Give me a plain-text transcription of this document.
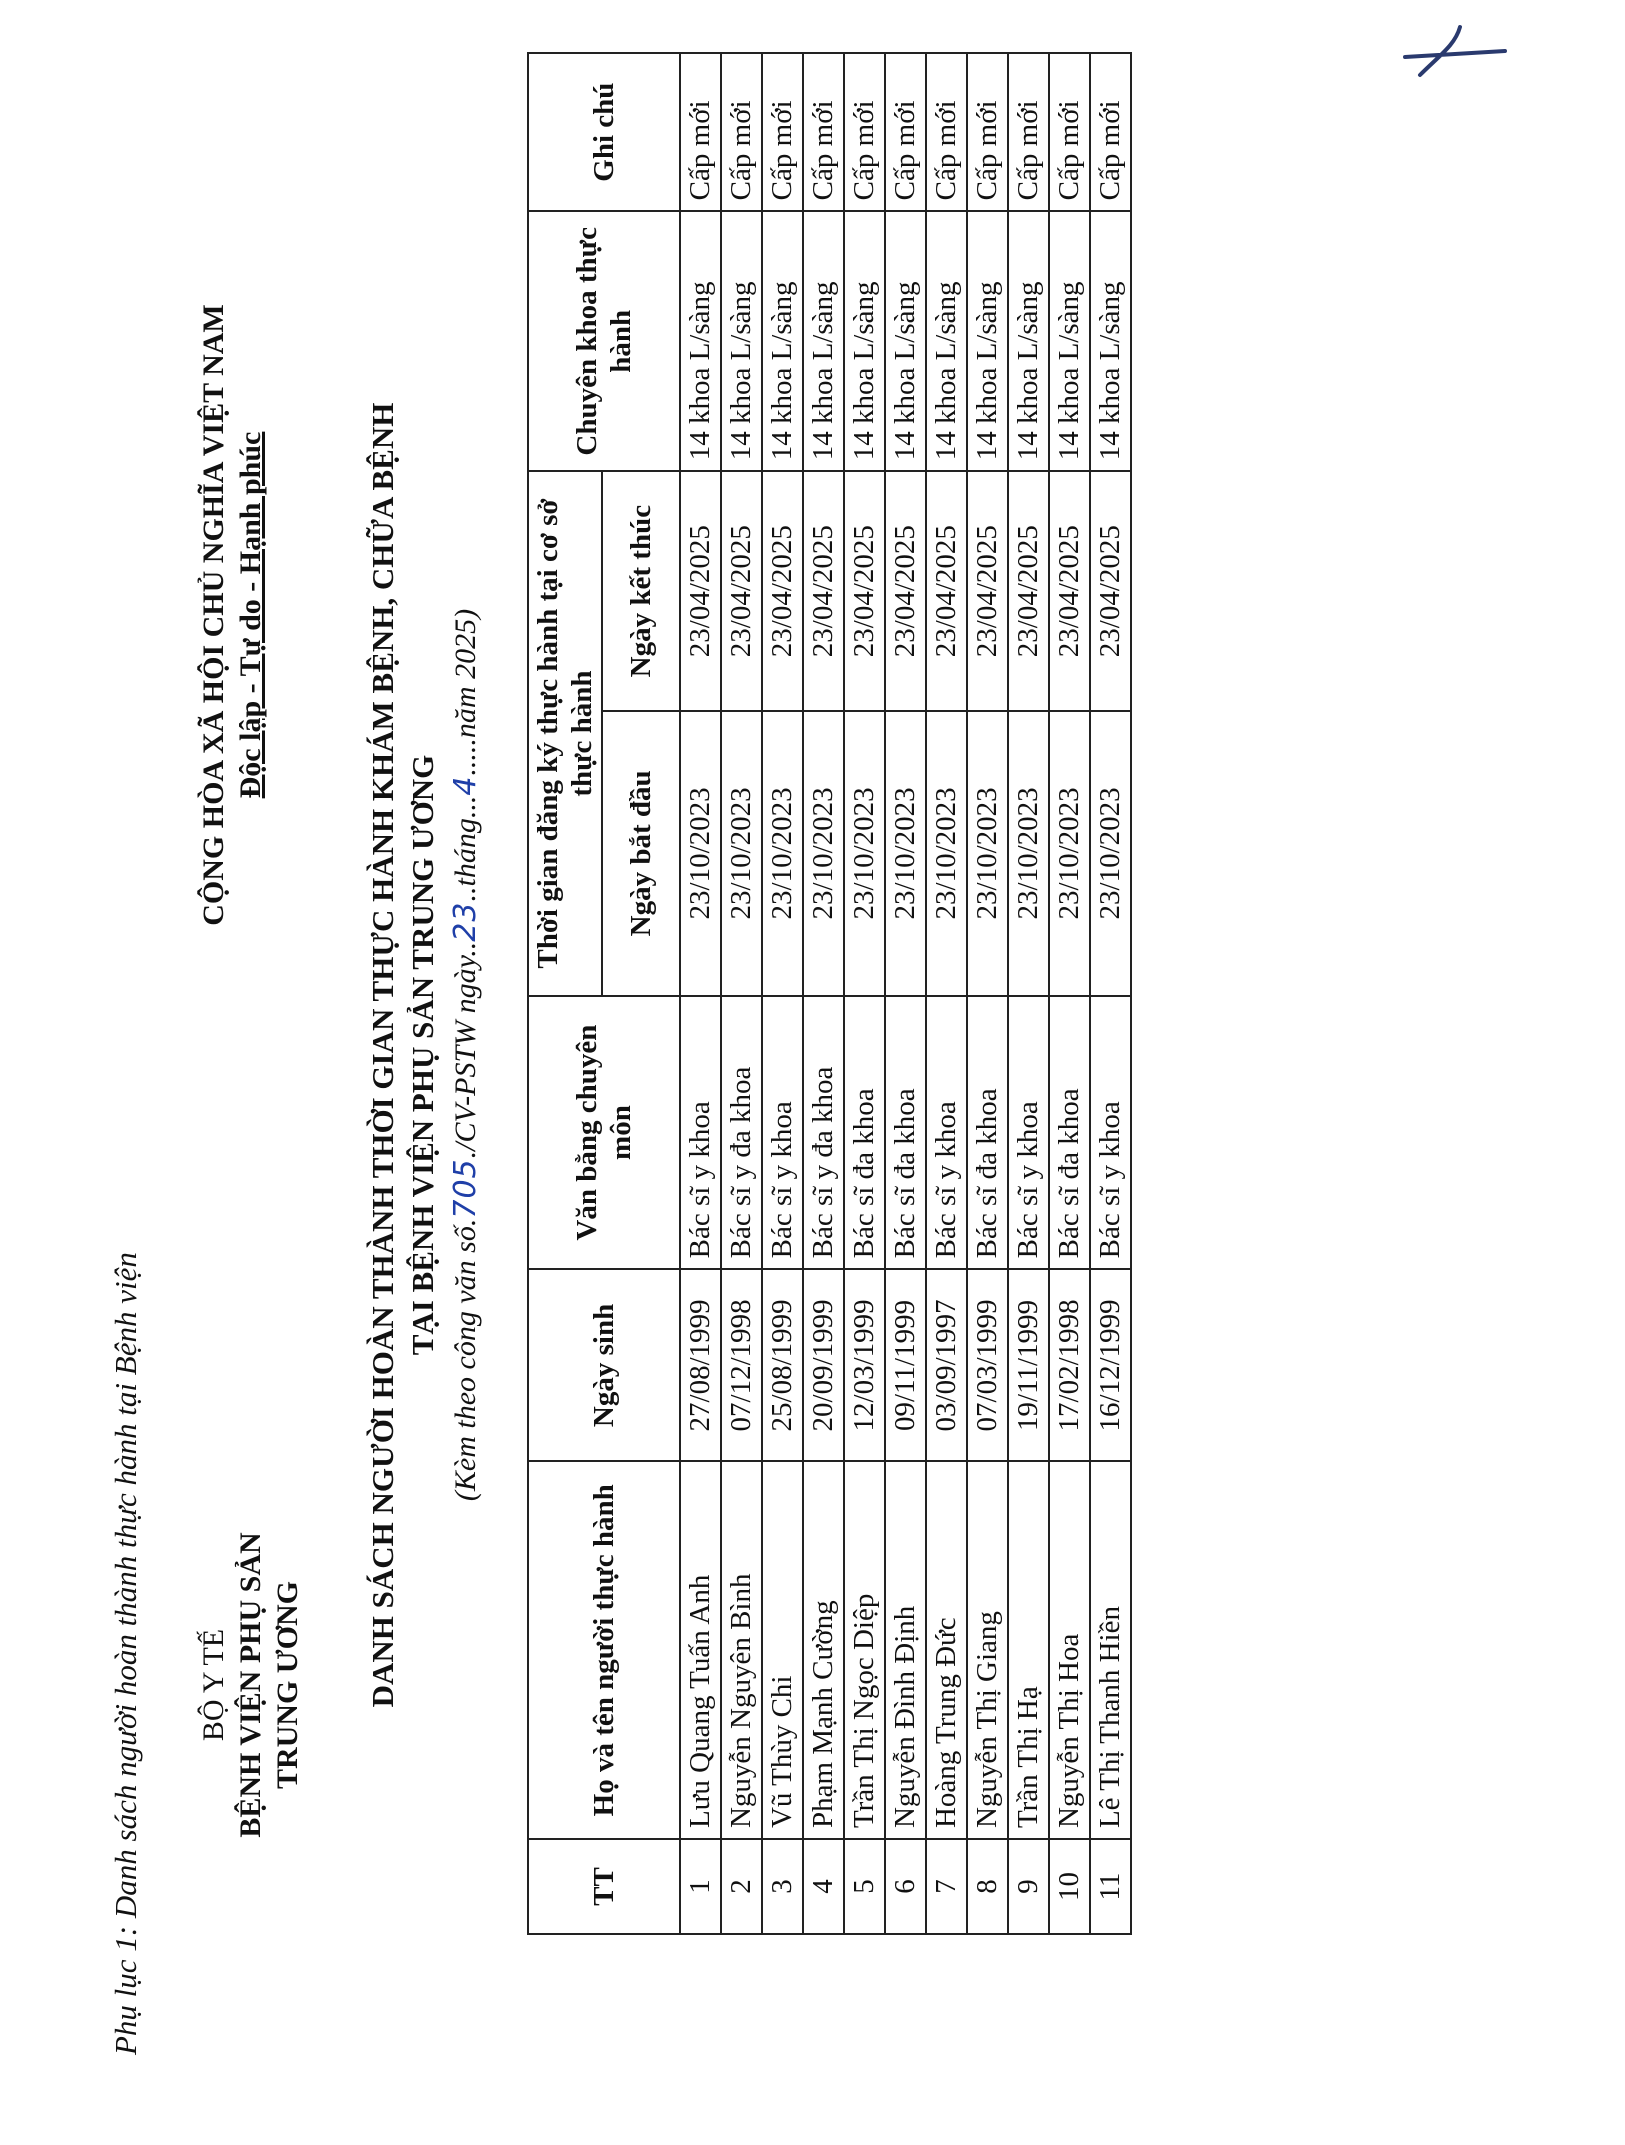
Phụ lục 1: Danh sách người hoàn thành thực hành tại Bệnh viện BỘ Y TẾ BỆNH VIỆN PHỤ SẢN TRUNG ƯƠNG
CỘNG HÒA XÃ HỘI CHỦ NGHĨA VIỆT NAM Độc lập - Tự do - Hạnh phúc	DANH SÁCH NGƯỜI HOÀN THÀNH THỜI GIAN THỰC HÀNH KHÁM BỆNH, CHỮA BỆNH TẠI BỆNH VIỆN PHỤ SẢN TRUNG ƯƠNG
(Kèm theo công văn số.705./CV-PSTW ngày..23..tháng...4.....năm 2025)
TT	Họ và tên người thực hành	Ngày sinh	Văn bằng chuyên môn	Thời gian đăng ký thực hành tại cơ sở thực hành		Chuyên khoa thực hành	Ghi chú
				Ngày bắt đầu	Ngày kết thúc		
1	Lưu Quang Tuấn Anh	27/08/1999	Bác sĩ y khoa	23/10/2023	23/04/2025	14 khoa L/sàng	Cấp mới
2	Nguyễn Nguyên Bình	07/12/1998	Bác sĩ y đa khoa	23/10/2023	23/04/2025	14 khoa L/sàng	Cấp mới
3	Vũ Thùy Chi	25/08/1999	Bác sĩ y khoa	23/10/2023	23/04/2025	14 khoa L/sàng	Cấp mới
4	Phạm Mạnh Cường	20/09/1999	Bác sĩ y đa khoa	23/10/2023	23/04/2025	14 khoa L/sàng	Cấp mới
5	Trần Thị Ngọc Diệp	12/03/1999	Bác sĩ đa khoa	23/10/2023	23/04/2025	14 khoa L/sàng	Cấp mới
6	Nguyễn Đình Định	09/11/1999	Bác sĩ đa khoa	23/10/2023	23/04/2025	14 khoa L/sàng	Cấp mới
7	Hoàng Trung Đức	03/09/1997	Bác sĩ y khoa	23/10/2023	23/04/2025	14 khoa L/sàng	Cấp mới
8	Nguyễn Thị Giang	07/03/1999	Bác sĩ đa khoa	23/10/2023	23/04/2025	14 khoa L/sàng	Cấp mới
9	Trần Thị Hạ	19/11/1999	Bác sĩ y khoa	23/10/2023	23/04/2025	14 khoa L/sàng	Cấp mới
10	Nguyễn Thị Hoa	17/02/1998	Bác sĩ đa khoa	23/10/2023	23/04/2025	14 khoa L/sàng	Cấp mới
11	Lê Thị Thanh Hiền	16/12/1999	Bác sĩ y khoa	23/10/2023	23/04/2025	14 khoa L/sàng	Cấp mới
